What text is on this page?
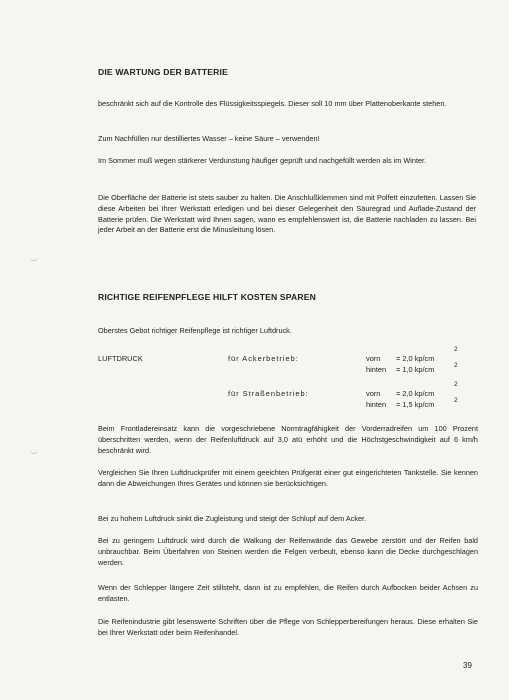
DIE WARTUNG DER BATTERIE

beschränkt sich auf die Kontrolle des Flüssigkeitsspiegels. Dieser soll 10 mm über Plattenoberkante stehen.

Zum Nachfüllen nur destilliertes Wasser – keine Säure – verwenden!

Im Sommer muß wegen stärkerer Verdunstung häufiger geprüft und nachgefüllt werden als im Winter.

Die Oberfläche der Batterie ist stets sauber zu halten. Die Anschlußklemmen sind mit Polfett einzufetten. Lassen Sie diese Arbeiten bei Ihrer Werkstatt erledigen und bei dieser Gelegenheit den Säuregrad und Auflade-Zustand der Batterie prüfen. Die Werkstatt wird Ihnen sagen, wann es empfehlenswert ist, die Batterie nachladen zu lassen. Bei jeder Arbeit an der Batterie erst die Minusleitung lösen.

RICHTIGE REIFENPFLEGE HILFT KOSTEN SPAREN

Oberstes Gebot richtiger Reifenpflege ist richtiger Luftdruck.

LUFTDRUCK	für Ackerbetrieb:	vorn = 2,0 kp/cm
2
hinten = 1,0 kp/cm	2
für Straßenbetrieb:	vorn = 2,0 kp/cm
2
hinten = 1,5 kp/cm	2

Beim Frontladereinsatz kann die vorgeschriebene Normtragfähigkeit der Vorderradreifen um 100 Prozent überschritten werden, wenn der Reifenluftdruck auf 3,0 atü erhöht und die Höchstgeschwindigkeit auf 6 km/h beschränkt wird.

Vergleichen Sie Ihren Luftdruckprüfer mit einem geeichten Prüfgerät einer gut eingerichteten Tankstelle. Sie kennen dann die Abweichungen Ihres Gerätes und können sie berücksichtigen.

Bei zu hohem Luftdruck sinkt die Zugleistung und steigt der Schlupf auf dem Acker.

Bei zu geringem Luftdruck wird durch die Walkung der Reifenwände das Gewebe zerstört und der Reifen bald unbrauchbar. Beim Überfahren von Steinen werden die Felgen verbeult, ebenso kann die Decke durchgeschlagen werden.

Wenn der Schlepper längere Zeit stillsteht, dann ist zu empfehlen, die Reifen durch Aufbocken beider Achsen zu entlasten.

Die Reifenindustrie gibt lesenswerte Schriften über die Pflege von Schlepperbereifungen heraus. Diese erhalten Sie bei Ihrer Werkstatt oder beim Reifenhandel.

39
